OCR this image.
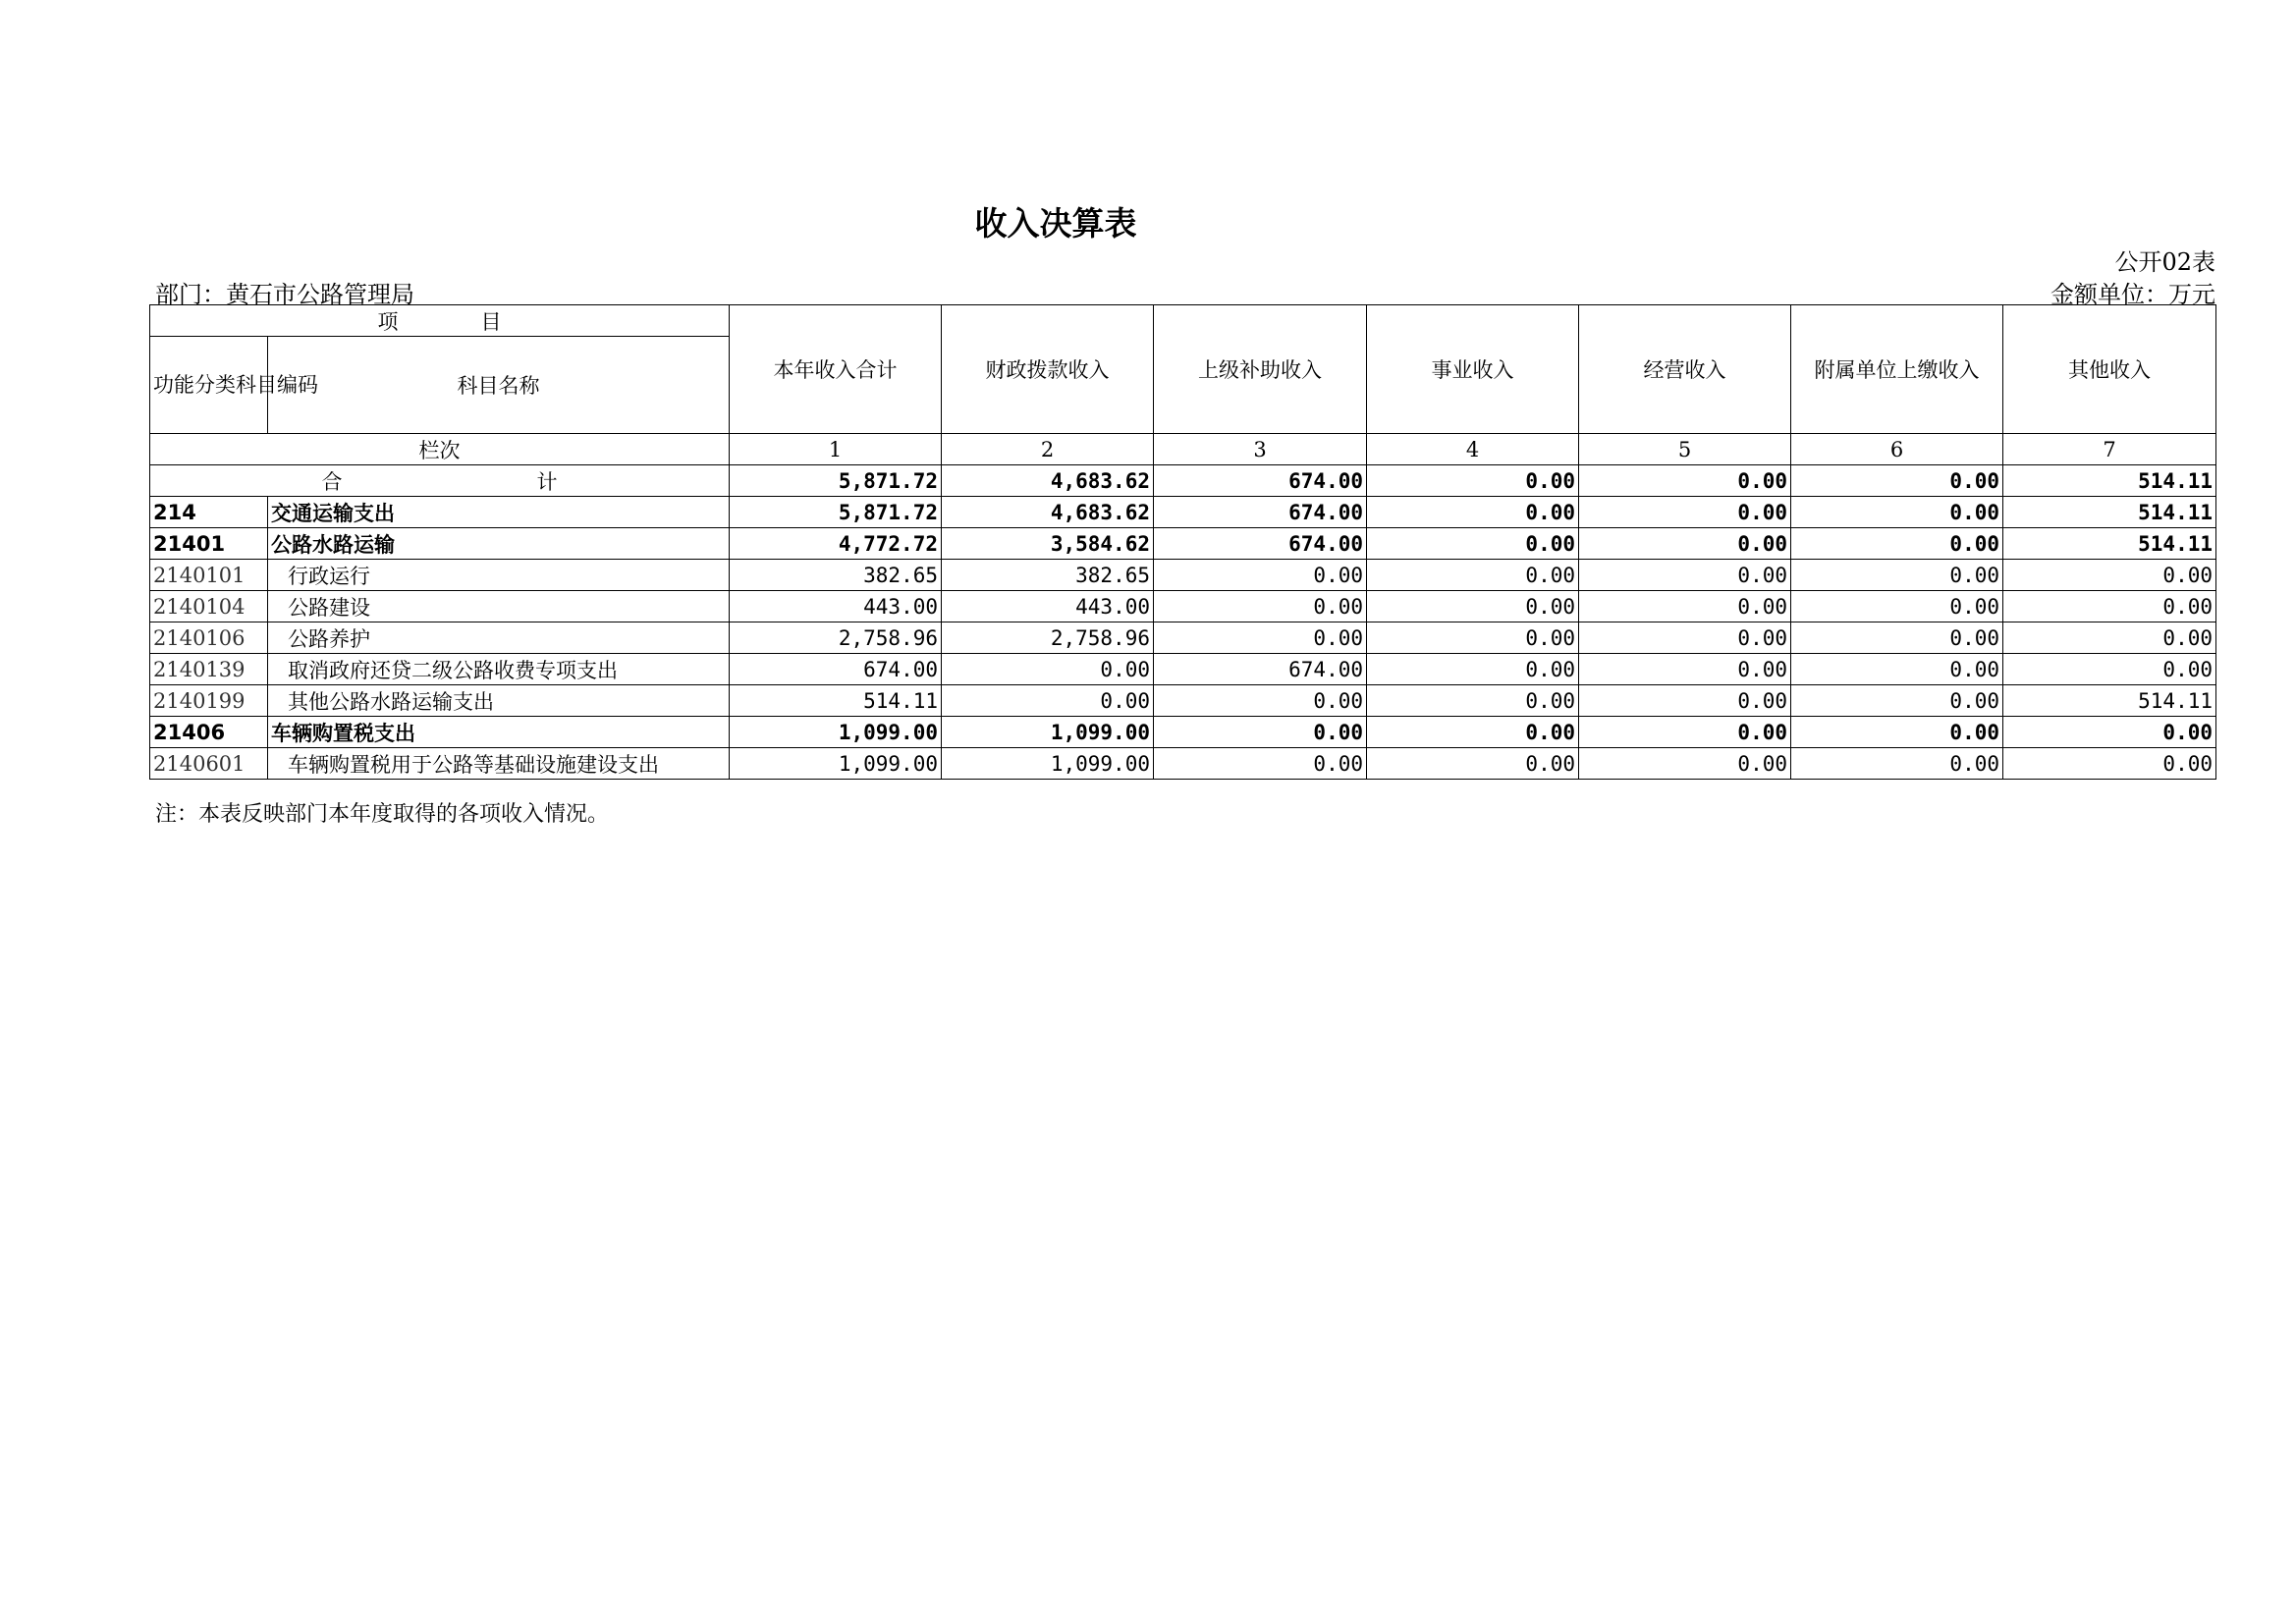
收入决算表
公开02表
部门：黄石市公路管理局	金额单位：万元
项　　　　目		本年收入合计	财政拨款收入	上级补助收入	事业收入	经营收入	附属单位上缴收入	其他收入
功能分类科目编码	科目名称							
栏次		1	2	3	4	5	6	7
合 计		5,871.72	4,683.62	674.00	0.00	0.00	0.00	514.11
214	交通运输支出	5,871.72	4,683.62	674.00	0.00	0.00	0.00	514.11
21401	公路水路运输	4,772.72	3,584.62	674.00	0.00	0.00	0.00	514.11
2140101	行政运行	382.65	382.65	0.00	0.00	0.00	0.00	0.00
2140104	公路建设	443.00	443.00	0.00	0.00	0.00	0.00	0.00
2140106	公路养护	2,758.96	2,758.96	0.00	0.00	0.00	0.00	0.00
2140139	取消政府还贷二级公路收费专项支出	674.00	0.00	674.00	0.00	0.00	0.00	0.00
2140199	其他公路水路运输支出	514.11	0.00	0.00	0.00	0.00	0.00	514.11
21406	车辆购置税支出	1,099.00	1,099.00	0.00	0.00	0.00	0.00	0.00
2140601	车辆购置税用于公路等基础设施建设支出	1,099.00	1,099.00	0.00	0.00	0.00	0.00	0.00
注：本表反映部门本年度取得的各项收入情况。
